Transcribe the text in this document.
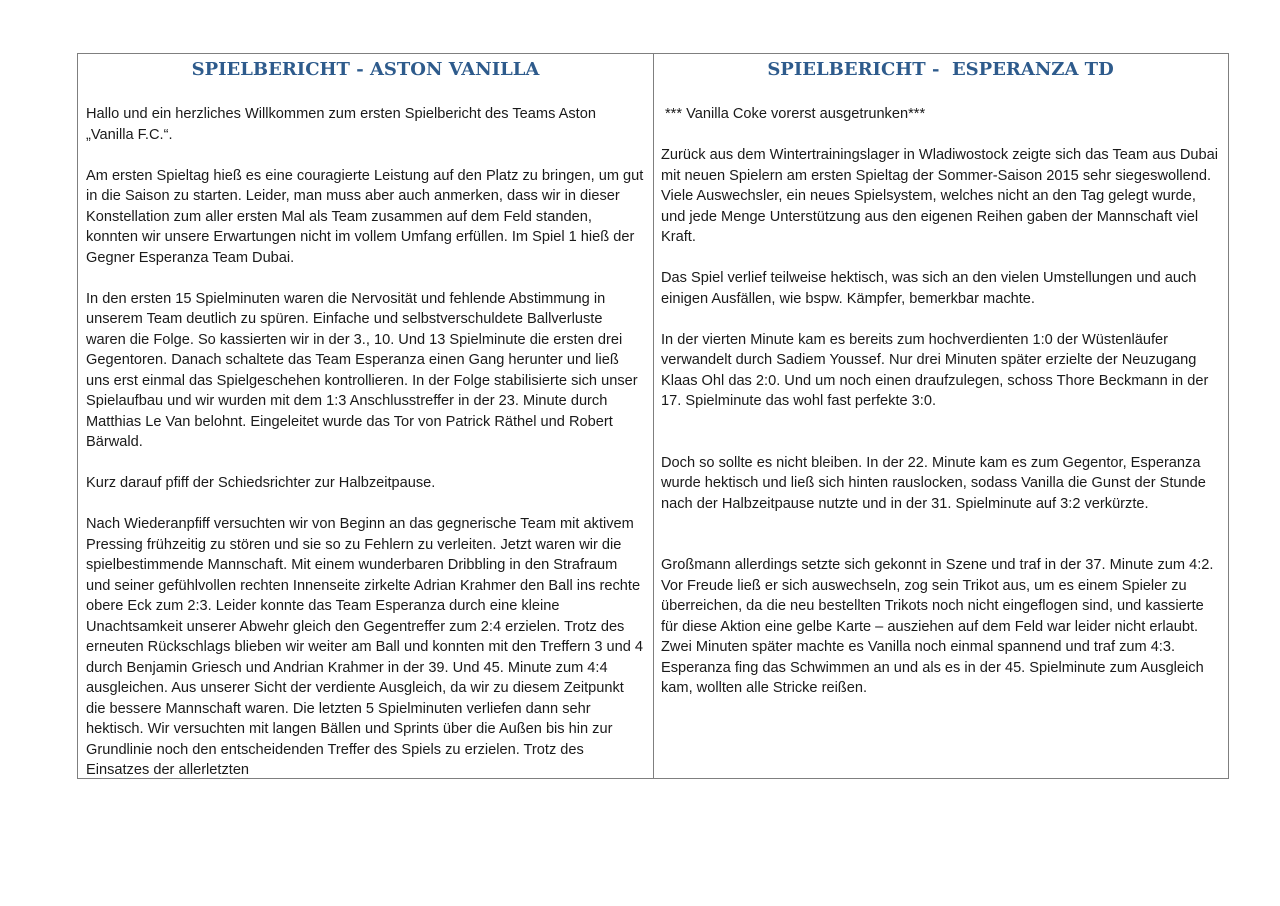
SPIELBERICHT - ASTON VANILLA

Hallo und ein herzliches Willkommen zum ersten Spielbericht des Teams Aston „Vanilla F.C.“.

Am ersten Spieltag hieß es eine couragierte Leistung auf den Platz zu bringen, um gut in die Saison zu starten. Leider, man muss aber auch anmerken, dass wir in dieser Konstellation zum aller ersten Mal als Team zusammen auf dem Feld standen, konnten wir unsere Erwartungen nicht im vollem Umfang erfüllen. Im Spiel 1 hieß der Gegner Esperanza Team Dubai.

In den ersten 15 Spielminuten waren die Nervosität und fehlende Abstimmung in unserem Team deutlich zu spüren. Einfache und selbstverschuldete Ballverluste waren die Folge. So kassierten wir in der 3., 10. Und 13 Spielminute die ersten drei Gegentoren. Danach schaltete das Team Esperanza einen Gang herunter und ließ uns erst einmal das Spielgeschehen kontrollieren. In der Folge stabilisierte sich unser Spielaufbau und wir wurden mit dem 1:3 Anschlusstreffer in der 23. Minute durch Matthias Le Van belohnt. Eingeleitet wurde das Tor von Patrick Räthel und Robert Bärwald.

Kurz darauf pfiff der Schiedsrichter zur Halbzeitpause.

Nach Wiederanpfiff versuchten wir von Beginn an das gegnerische Team mit aktivem Pressing frühzeitig zu stören und sie so zu Fehlern zu verleiten. Jetzt waren wir die spielbestimmende Mannschaft. Mit einem wunderbaren Dribbling in den Strafraum und seiner gefühlvollen rechten Innenseite zirkelte Adrian Krahmer den Ball ins rechte obere Eck zum 2:3. Leider konnte das Team Esperanza durch eine kleine Unachtsamkeit unserer Abwehr gleich den Gegentreffer zum 2:4 erzielen. Trotz des erneuten Rückschlags blieben wir weiter am Ball und konnten mit den Treffern 3 und 4 durch Benjamin Griesch und Andrian Krahmer in der 39. Und 45. Minute zum 4:4 ausgleichen. Aus unserer Sicht der verdiente Ausgleich, da wir zu diesem Zeitpunkt die bessere Mannschaft waren. Die letzten 5 Spielminuten verliefen dann sehr hektisch. Wir versuchten mit langen Bällen und Sprints über die Außen bis hin zur Grundlinie noch den entscheidenden Treffer des Spiels zu erzielen. Trotz des Einsatzes der allerletzten

SPIELBERICHT -  ESPERANZA TD

*** Vanilla Coke vorerst ausgetrunken***

Zurück aus dem Wintertrainingslager in Wladiwostock zeigte sich das Team aus Dubai mit neuen Spielern am ersten Spieltag der Sommer-Saison 2015 sehr siegeswollend. Viele Auswechsler, ein neues Spielsystem, welches nicht an den Tag gelegt wurde, und jede Menge Unterstützung aus den eigenen Reihen gaben der Mannschaft viel Kraft.

Das Spiel verlief teilweise hektisch, was sich an den vielen Umstellungen und auch einigen Ausfällen, wie bspw. Kämpfer, bemerkbar machte.

In der vierten Minute kam es bereits zum hochverdienten 1:0 der Wüstenläufer verwandelt durch Sadiem Youssef. Nur drei Minuten später erzielte der Neuzugang Klaas Ohl das 2:0. Und um noch einen draufzulegen, schoss Thore Beckmann in der 17. Spielminute das wohl fast perfekte 3:0.

Doch so sollte es nicht bleiben. In der 22. Minute kam es zum Gegentor, Esperanza wurde hektisch und ließ sich hinten rauslocken, sodass Vanilla die Gunst der Stunde nach der Halbzeitpause nutzte und in der 31. Spielminute auf 3:2 verkürzte.

Großmann allerdings setzte sich gekonnt in Szene und traf in der 37. Minute zum 4:2. Vor Freude ließ er sich auswechseln, zog sein Trikot aus, um es einem Spieler zu überreichen, da die neu bestellten Trikots noch nicht eingeflogen sind, und kassierte für diese Aktion eine gelbe Karte – ausziehen auf dem Feld war leider nicht erlaubt. Zwei Minuten später machte es Vanilla noch einmal spannend und traf zum 4:3. Esperanza fing das Schwimmen an und als es in der 45. Spielminute zum Ausgleich kam, wollten alle Stricke reißen.
